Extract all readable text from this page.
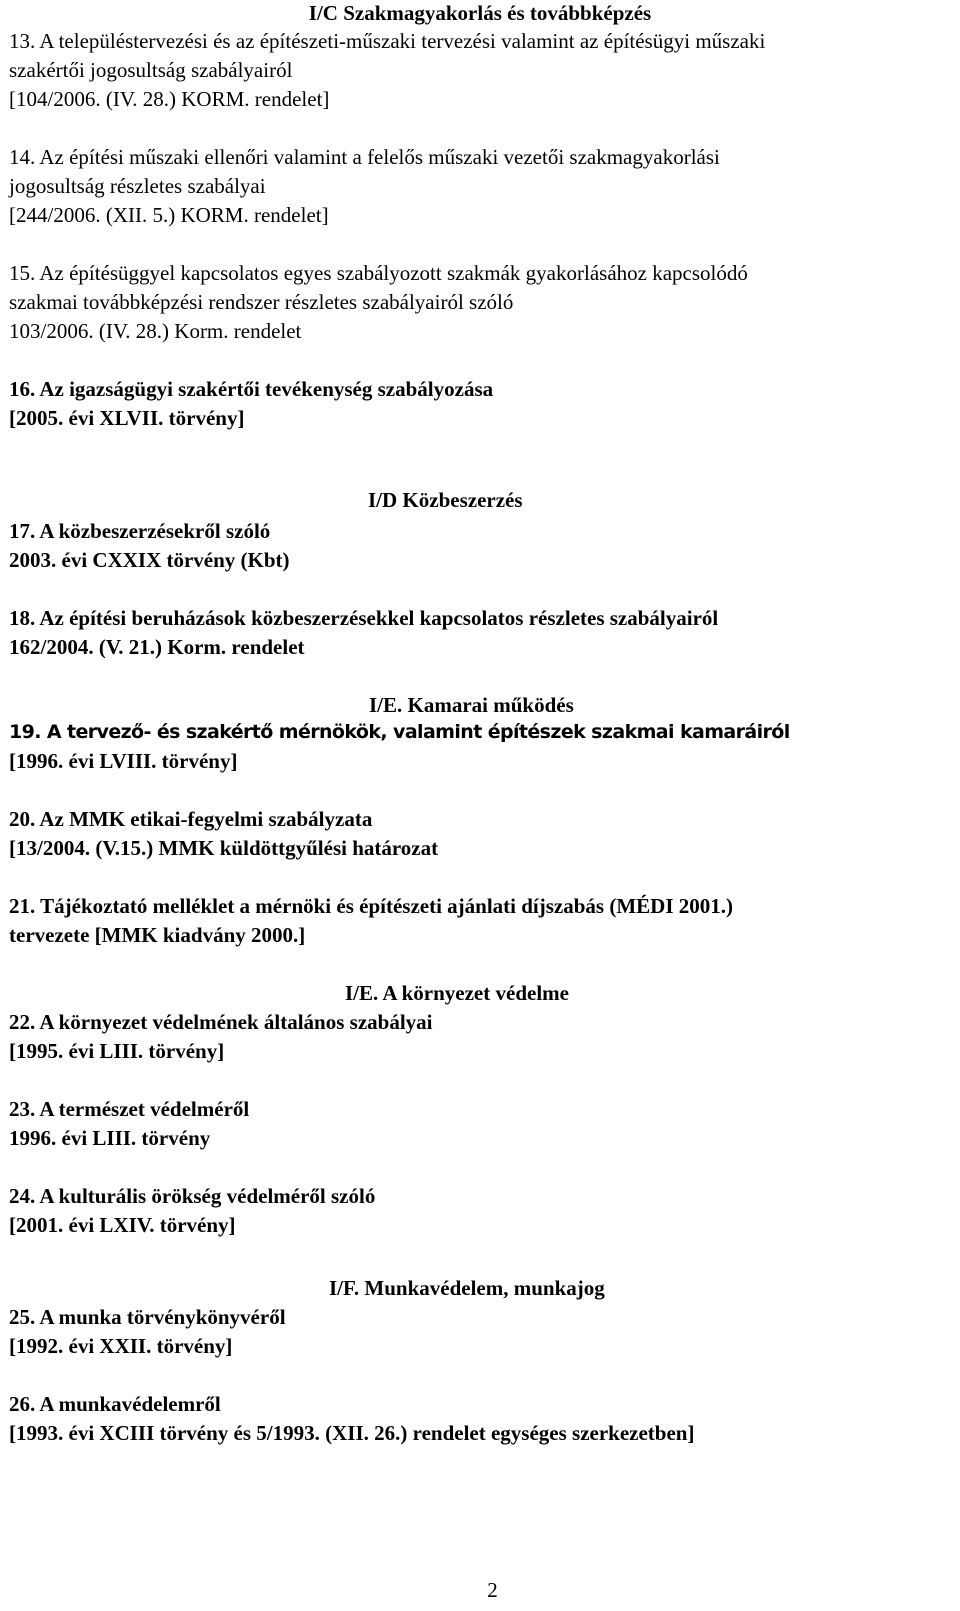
I/C Szakmagyakorlás és továbbképzés
13. A településtervezési és az építészeti-műszaki tervezési valamint az építésügyi műszaki
szakértői jogosultság szabályairól
[104/2006. (IV. 28.) KORM. rendelet]
14. Az építési műszaki ellenőri valamint a felelős műszaki vezetői szakmagyakorlási
jogosultság részletes szabályai
[244/2006. (XII. 5.) KORM. rendelet]
15. Az építésüggyel kapcsolatos egyes szabályozott szakmák gyakorlásához kapcsolódó
szakmai továbbképzési rendszer részletes szabályairól szóló
103/2006. (IV. 28.) Korm. rendelet
16. Az igazságügyi szakértői tevékenység szabályozása
[2005. évi XLVII. törvény]
I/D Közbeszerzés
17. A közbeszerzésekről szóló
2003. évi CXXIX törvény (Kbt)
18. Az építési beruházások közbeszerzésekkel kapcsolatos részletes szabályairól
162/2004. (V. 21.) Korm. rendelet
I/E. Kamarai működés
19. A tervező- és szakértő mérnökök, valamint építészek szakmai kamaráiról
[1996. évi LVIII. törvény]
20. Az MMK etikai-fegyelmi szabályzata
[13/2004. (V.15.) MMK küldöttgyűlési határozat
21. Tájékoztató melléklet a mérnöki és építészeti ajánlati díjszabás (MÉDI 2001.)
tervezete [MMK kiadvány 2000.]
I/E. A környezet védelme
22. A környezet védelmének általános szabályai
[1995. évi LIII. törvény]
23. A természet védelméről
1996. évi LIII. törvény
24. A kulturális örökség védelméről szóló
[2001. évi LXIV. törvény]
I/F. Munkavédelem, munkajog
25. A munka törvénykönyvéről
[1992. évi XXII. törvény]
26. A munkavédelemről
[1993. évi XCIII törvény és 5/1993. (XII. 26.) rendelet egységes szerkezetben]
2
